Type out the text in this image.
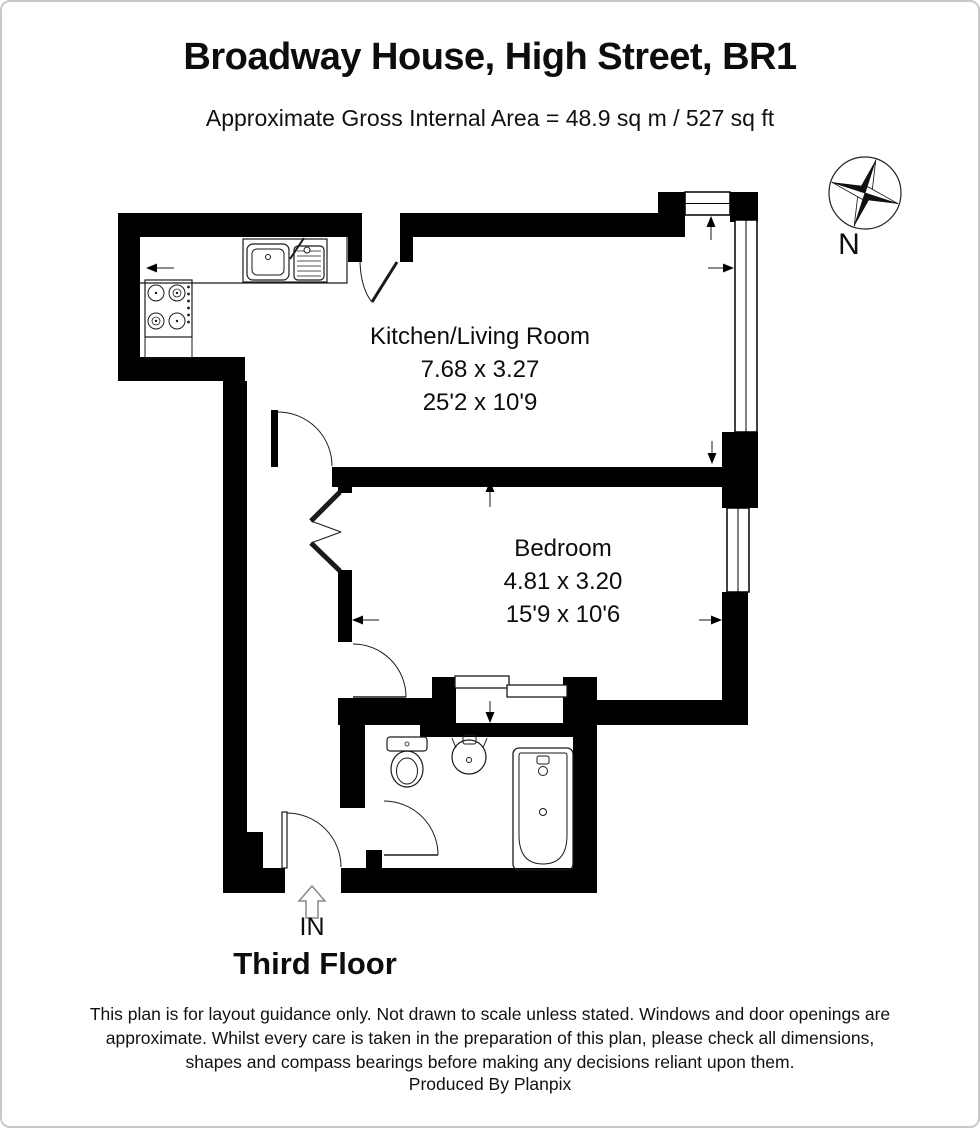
Broadway House, High Street, BR1
Approximate Gross Internal Area = 48.9 sq m / 527 sq ft
Kitchen/Living Room
7.68 x 3.27
25'2 x 10'9
Bedroom
4.81 x 3.20
15'9 x 10'6
N
IN
Third Floor
This plan is for layout guidance only. Not drawn to scale unless stated. Windows and door openings are approximate. Whilst every care is taken in the preparation of this plan, please check all dimensions, shapes and compass bearings before making any decisions reliant upon them.
Produced By Planpix
